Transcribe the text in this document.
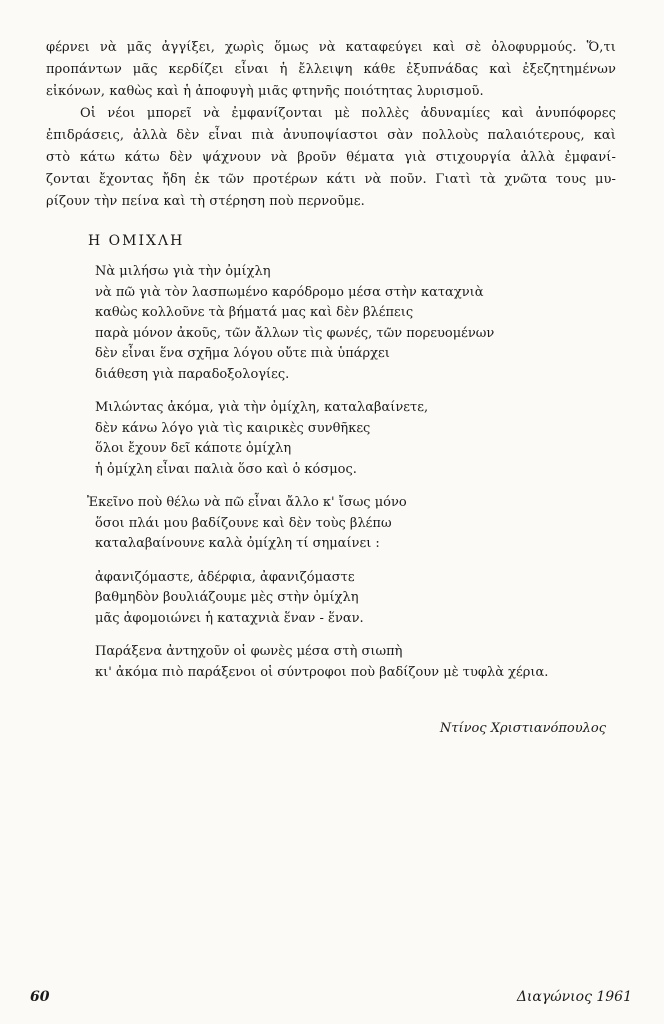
φέρνει νὰ μᾶς ἀγγίξει, χωρὶς ὅμως νὰ καταφεύγει καὶ σὲ ὀλοφυρμούς. Ὅ,τι
προπάντων μᾶς κερδίζει εἶναι ἡ ἔλλειψη κάθε ἐξυπνάδας καὶ ἐξεζητημένων
εἰκόνων, καθὼς καὶ ἡ ἀποφυγὴ μιᾶς φτηνῆς ποιότητας λυρισμοῦ.
Οἱ νέοι μπορεῖ νὰ ἐμφανίζονται μὲ πολλὲς ἀδυναμίες καὶ ἀνυπόφορες
ἐπιδράσεις, ἀλλὰ δὲν εἶναι πιὰ ἀνυποψίαστοι σὰν πολλοὺς παλαιότερους, καὶ
στὸ κάτω κάτω δὲν ψάχνουν νὰ βροῦν θέματα γιὰ στιχουργία ἀλλὰ ἐμφανί-
ζονται ἔχοντας ἤδη ἐκ τῶν προτέρων κάτι νὰ ποῦν. Γιατὶ τὰ χνῶτα τους μυ-
ρίζουν τὴν πείνα καὶ τὴ στέρηση ποὺ περνοῦμε.
Η ΟΜΙΧΛΗ
Νὰ μιλήσω γιὰ τὴν ὀμίχλη
νὰ πῶ γιὰ τὸν λασπωμένο καρόδρομο μέσα στὴν καταχνιὰ
καθὼς κολλοῦνε τὰ βήματά μας καὶ δὲν βλέπεις
παρὰ μόνον ἀκοῦς, τῶν ἄλλων τὶς φωνές, τῶν πορευομένων
δὲν εἶναι ἕνα σχῆμα λόγου οὔτε πιὰ ὑπάρχει
διάθεση γιὰ παραδοξολογίες.
Μιλώντας ἀκόμα, γιὰ τὴν ὀμίχλη, καταλαβαίνετε,
δὲν κάνω λόγο γιὰ τὶς καιρικὲς συνθῆκες
ὅλοι ἔχουν δεῖ κάποτε ὀμίχλη
ἡ ὀμίχλη εἶναι παλιὰ ὅσο καὶ ὁ κόσμος.
Ἐκεῖνο ποὺ θέλω νὰ πῶ εἶναι ἄλλο κ' ἴσως μόνο
ὅσοι πλάι μου βαδίζουνε καὶ δὲν τοὺς βλέπω
καταλαβαίνουνε καλὰ ὀμίχλη τί σημαίνει :
ἀφανιζόμαστε, ἀδέρφια, ἀφανιζόμαστε
βαθμηδὸν βουλιάζουμε μὲς στὴν ὀμίχλη
μᾶς ἀφομοιώνει ἡ καταχνιὰ ἕναν - ἕναν.
Παράξενα ἀντηχοῦν οἱ φωνὲς μέσα στὴ σιωπὴ
κι' ἀκόμα πιὸ παράξενοι οἱ σύντροφοι ποὺ βαδίζουν μὲ τυφλὰ χέρια.
Ντίνος Χριστιανόπουλος
60	Διαγώνιος 1961
